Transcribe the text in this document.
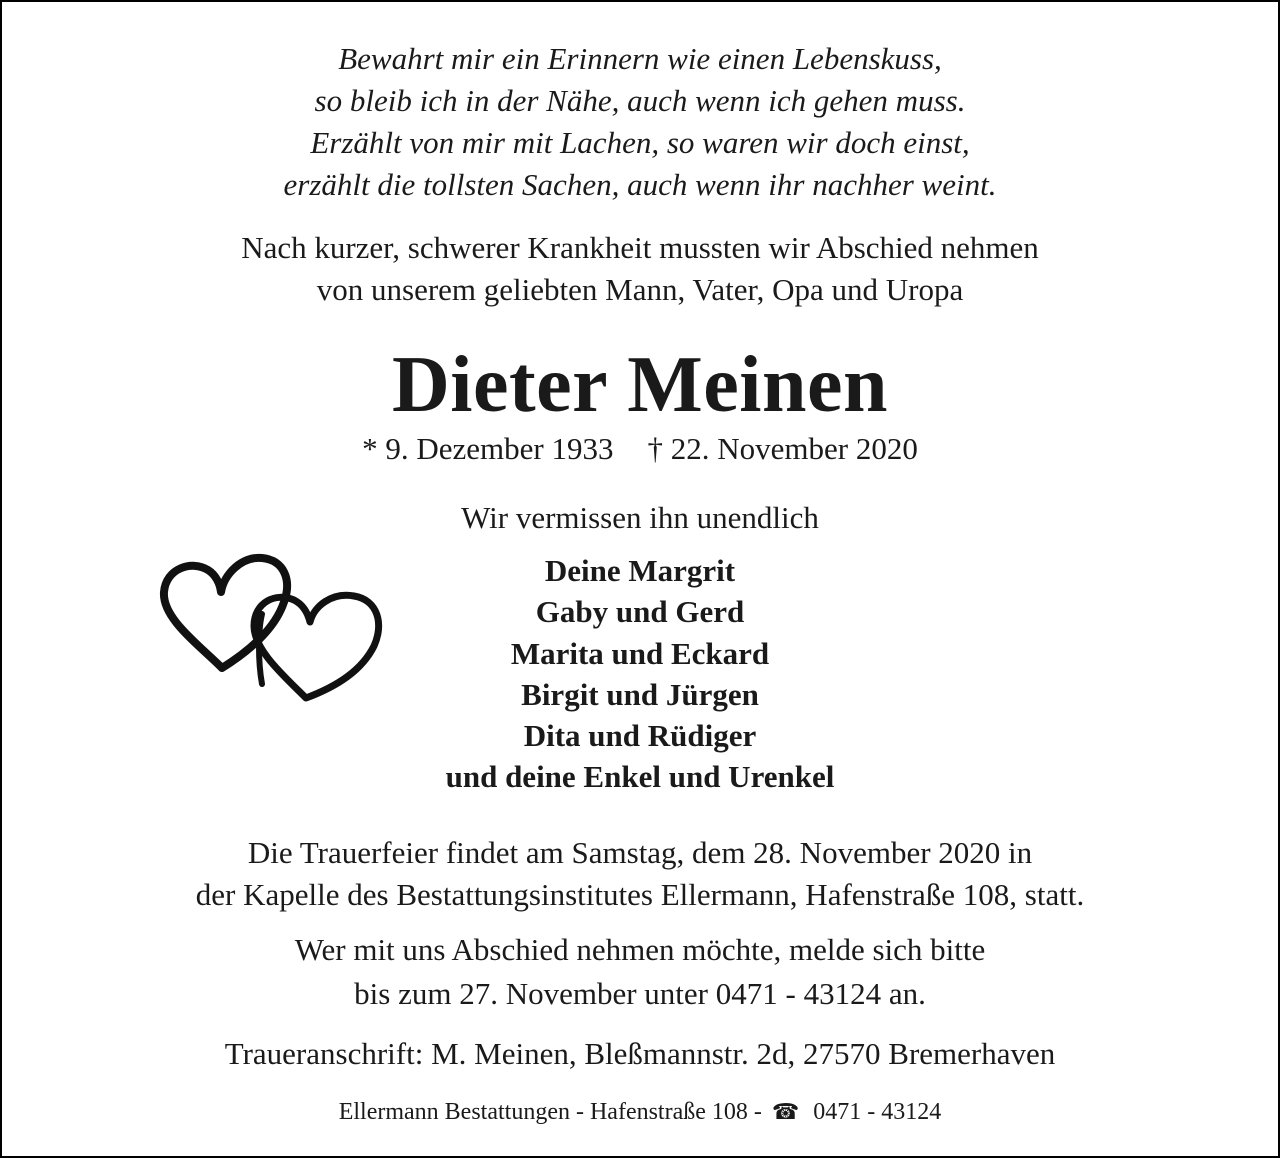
Bewahrt mir ein Erinnern wie einen Lebenskuss,
so bleib ich in der Nähe, auch wenn ich gehen muss.
Erzählt von mir mit Lachen, so waren wir doch einst,
erzählt die tollsten Sachen, auch wenn ihr nachher weint.
Nach kurzer, schwerer Krankheit mussten wir Abschied nehmen
von unserem geliebten Mann, Vater, Opa und Uropa
Dieter Meinen
* 9. Dezember 1933 † 22. November 2020
Wir vermissen ihn unendlich
Deine Margrit
Gaby und Gerd
Marita und Eckard
Birgit und Jürgen
Dita und Rüdiger
und deine Enkel und Urenkel
Die Trauerfeier findet am Samstag, dem 28. November 2020 in
der Kapelle des Bestattungsinstitutes Ellermann, Hafenstraße 108, statt.
Wer mit uns Abschied nehmen möchte, melde sich bitte
bis zum 27. November unter 0471 - 43124 an.
Traueranschrift: M. Meinen, Bleßmannstr. 2d, 27570 Bremerhaven
Ellermann Bestattungen - Hafenstraße 108 - ☎ 0471 - 43124
